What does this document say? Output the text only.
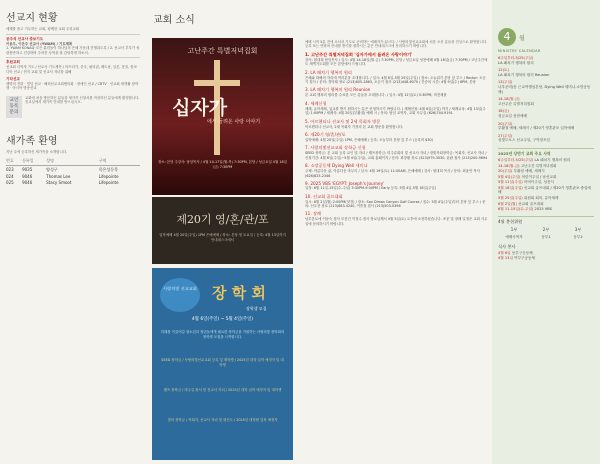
선교지 현황
세계를 품고 기도하는 교회, 평택한 교회 우리교회
공주석 선교사 중보기도
이웅우, 이은주 선교사 (YWAM) / 기도제목
1. YWAM KONA와 모든 훈련들이 하나님의 은혜 가운데 진행되도록 / 2. 선교사 부부가 성령충만하고 건강하며 주어진 사역을 잘 감당하게 하소서.
후원교회
선교회 사역자 기도 / 선교사 기도제목 / 아프리카, 중국, 필리핀, 베트남, 일본, 몽골, 캄보디아 선교 / 현지 교회 및 선교사 자녀를 위해
기타선교
생명의 전화 · 빌딩 선교 · 해외선교교회협의회 · 장애인 선교 / CBTV · 선교회 새생활 장학생 · 아시아 방송선교
교인 등록 문의
교회에 처음 방문하신 분들과 새가족 신청서를 작성하신 분들에게 환영합니다. 친교실에서 새가족 안내를 받으십시오.
새가족 환영
지난 주에 등록하신 새가족을 소개합니다.
번호	등록일	성명	구역
023	9035	양성구	목은성동목
024	9046	Thomas Lee	Lifepointe
025	9046	Stacy Smoot	Lifepointe
교회 소식
고난주간 특별저녁집회
십자가
에서 들려온 사랑 이야기
장소: 본당 주강사: 담임목사 / 4월 14-17일(월-목) 7:30PM, 본당 / 성금요일 4월 18일(금) 7:30PM
제20기 영/혼/관/포
입학예배 4월 20일(주일) 1PM 은혜예배 / 장소: 본당 및 토요일 / 등록: 4월 13일까지 안내데스크에서
사랑의빛 선교교회 장 학 회
장학생 모집
4월 6일(주일) ~ 5월 4일(주일)
미래를 이끌어갈 청소년과 청년들에게 필요한 장학금을 지원하는 사랑의빛 장학회의 장학생 모집을 시작합니다.
SEED 장학금 / 사랑의빛선교교회 등록 및 재학생 / 2025년 대학 입학 예정자 및 대학생
램프 장학금 / 비주류 원서 및 선교사 자녀 / 2025년 대학 입학 예정자 및 대학생
빛의 장학금 / 목회자, 선교사 자녀 및 평신도 / 2025년 대학원 입학 예정자
예배 시작 5분 전에 오셔서 기도로 준비하는 예배자가 됩시다. / 사랑의빛선교교회에 처음 오신 분들을 진심으로 환영합니다. 등록 또는 연락처 안내를 받기를 원하시는 분은 안내데스크에 문의하시기 바랍니다.
1. 고난주간 특별저녁집회 '십자가에서 들려온 사랑이야기'
강사: 원대희 담임목사 / 일시: 4월 14-18일(월-금) 7:30PM, 본당 / 성금요일 성찬예배 4월 18일(금) 7:30PM / 고난주간에도 새벽기도회를 모든 본당에서 드립니다.
2. LA 패치기 행복의 원리
은혜와 화해의 자리에 여러분을 초대합니다. / 일시: 4월 6일-5월 25일(주일) / 장소: 오늘위기 본당 앞 부스 / Rector: 오순기 집사 / 문의: 정덕래 장로 (213)605-2863, 오순기 집사 (213)448-6070 / 간증의 시간: 4월 9일(수) 6PM, 본당
3. LA 패치기 행복의 원리 Reunion
본 교회 행복의 원리를 수료한 모든 분들을 초대합니다. / 일시: 4월 12일(토) 5:30PM, 비전채플
4. 세례신청
세례, 유아세례, 입교를 받기 원하시는 분은 신청하시기 바랍니다. / 세례신청: 4월 6일(주일) 까지 / 세례교육: 4월 13일(주일) 1:00PM / 세례식: 4월 20일(부활절) 예배 시 / 문의: 담임 교역자, 교회 사무실 (626)744-9191
5. 아르헨티나 선교사 및 2세 목회자 방문
아르헨티나 선교사, 2세 목회자 가정의 본 교회 방문을 환영합니다.
6. 제20기 영/혼/관/포
입학예배: 4월 20일(주일) 1PM, 은혜예배 / 등록: 오늘부터 본당 앞 부스 (등록비 $30)
7. 사랑의빛선교교회 장학금 신청
SEED 장학금: 본 교회 등록 교인 및 자녀 / 램프장학금: 미주류회의 및 선교사 자녀 / 장빛목회장학금: 목회자, 선교사 자녀 / 신청기간: 4월 6일(주일)~5월 4일(주일), 교회 홈페이지 / 문의: 곽창환 장로 (323)979-3530, 윤완 집사 (213)200-9694
8. 소망공동체 Dying Well 세미나
주제: 아름다운 삶, 아름다운 마무리 / 일시: 4월 19일(토) 11:00AM, 은혜예배 / 강사: 원대희 목사 / 문의: 최윤안 목사 (626)825-2346
9. 2025 VBS 'EGYPT: Joseph's Journey'
일정: 6월 11일-15일(수-주일) 5:30PM-9:00PM / Early 등록: 5월 4일-5월 18일(주일)
10. 선교회 골프대회
일시: 6월 2일(월) 2:00PM(샷건) / 장소: San Dimas Canyon Golf Course / 접수: 5월 4일(주일)부터 본당 앞 부스 / 문의: 선우찬 장로 (213)663-4240, 이종철 집사 (213)503-0396
11. 장례
남부본토에 이동숙 집사 모친인 이정수 집사 장로님께서 4월 5일(토) 오후에 소천하셨습니다. 조문 및 장례 일정은 교회 사무실에 문의하시기 바랍니다.
4	월
MINISTRY CALENDAR
6주일부터-5/25(주일)
LA 패치기 행복의 원리
12(토)
LA 패치기 행복의 원리 Reunion
13(주일)
나우준비(동 근교여행섬본당, Dying Well 세미나-소망공동체)
14-18(월-금)
고난주간 특별저녁집회
18(금)
성금요일 성찬예배
20(주일)
부활절 예배, 세례식 / 제20기 영혼관포 입학예배
27(주일)
성빛도오스 선교주일, 구역장모임
2025년 상반기 교회 주요 사역
6주일부터-5/25(주일) LA 패치기 행복의 원리
14-18(월-금) 고난주간 특별저녁집회
20(주일) 부활절 예배, 세례식
5월 4일(주일) 어린이주일 / 남선교회
5월 11일(주일) 어버이주일, 성찬식
5월 18일(주일) 선교회 골프대회 / 제20기 영혼관포 졸업예배
5월 25일(주일) 위원회 회의, 유아세례
6월 2일(월) 선교회 골프대회
6월 11-15일(수-주일) 2025 VBS
4월 봉헌위원
1부	2부	3부
예배사역자	동부1	동부2
식사 봉사
4월 6일 동부구공동체
4월 13일 여부구공동체
